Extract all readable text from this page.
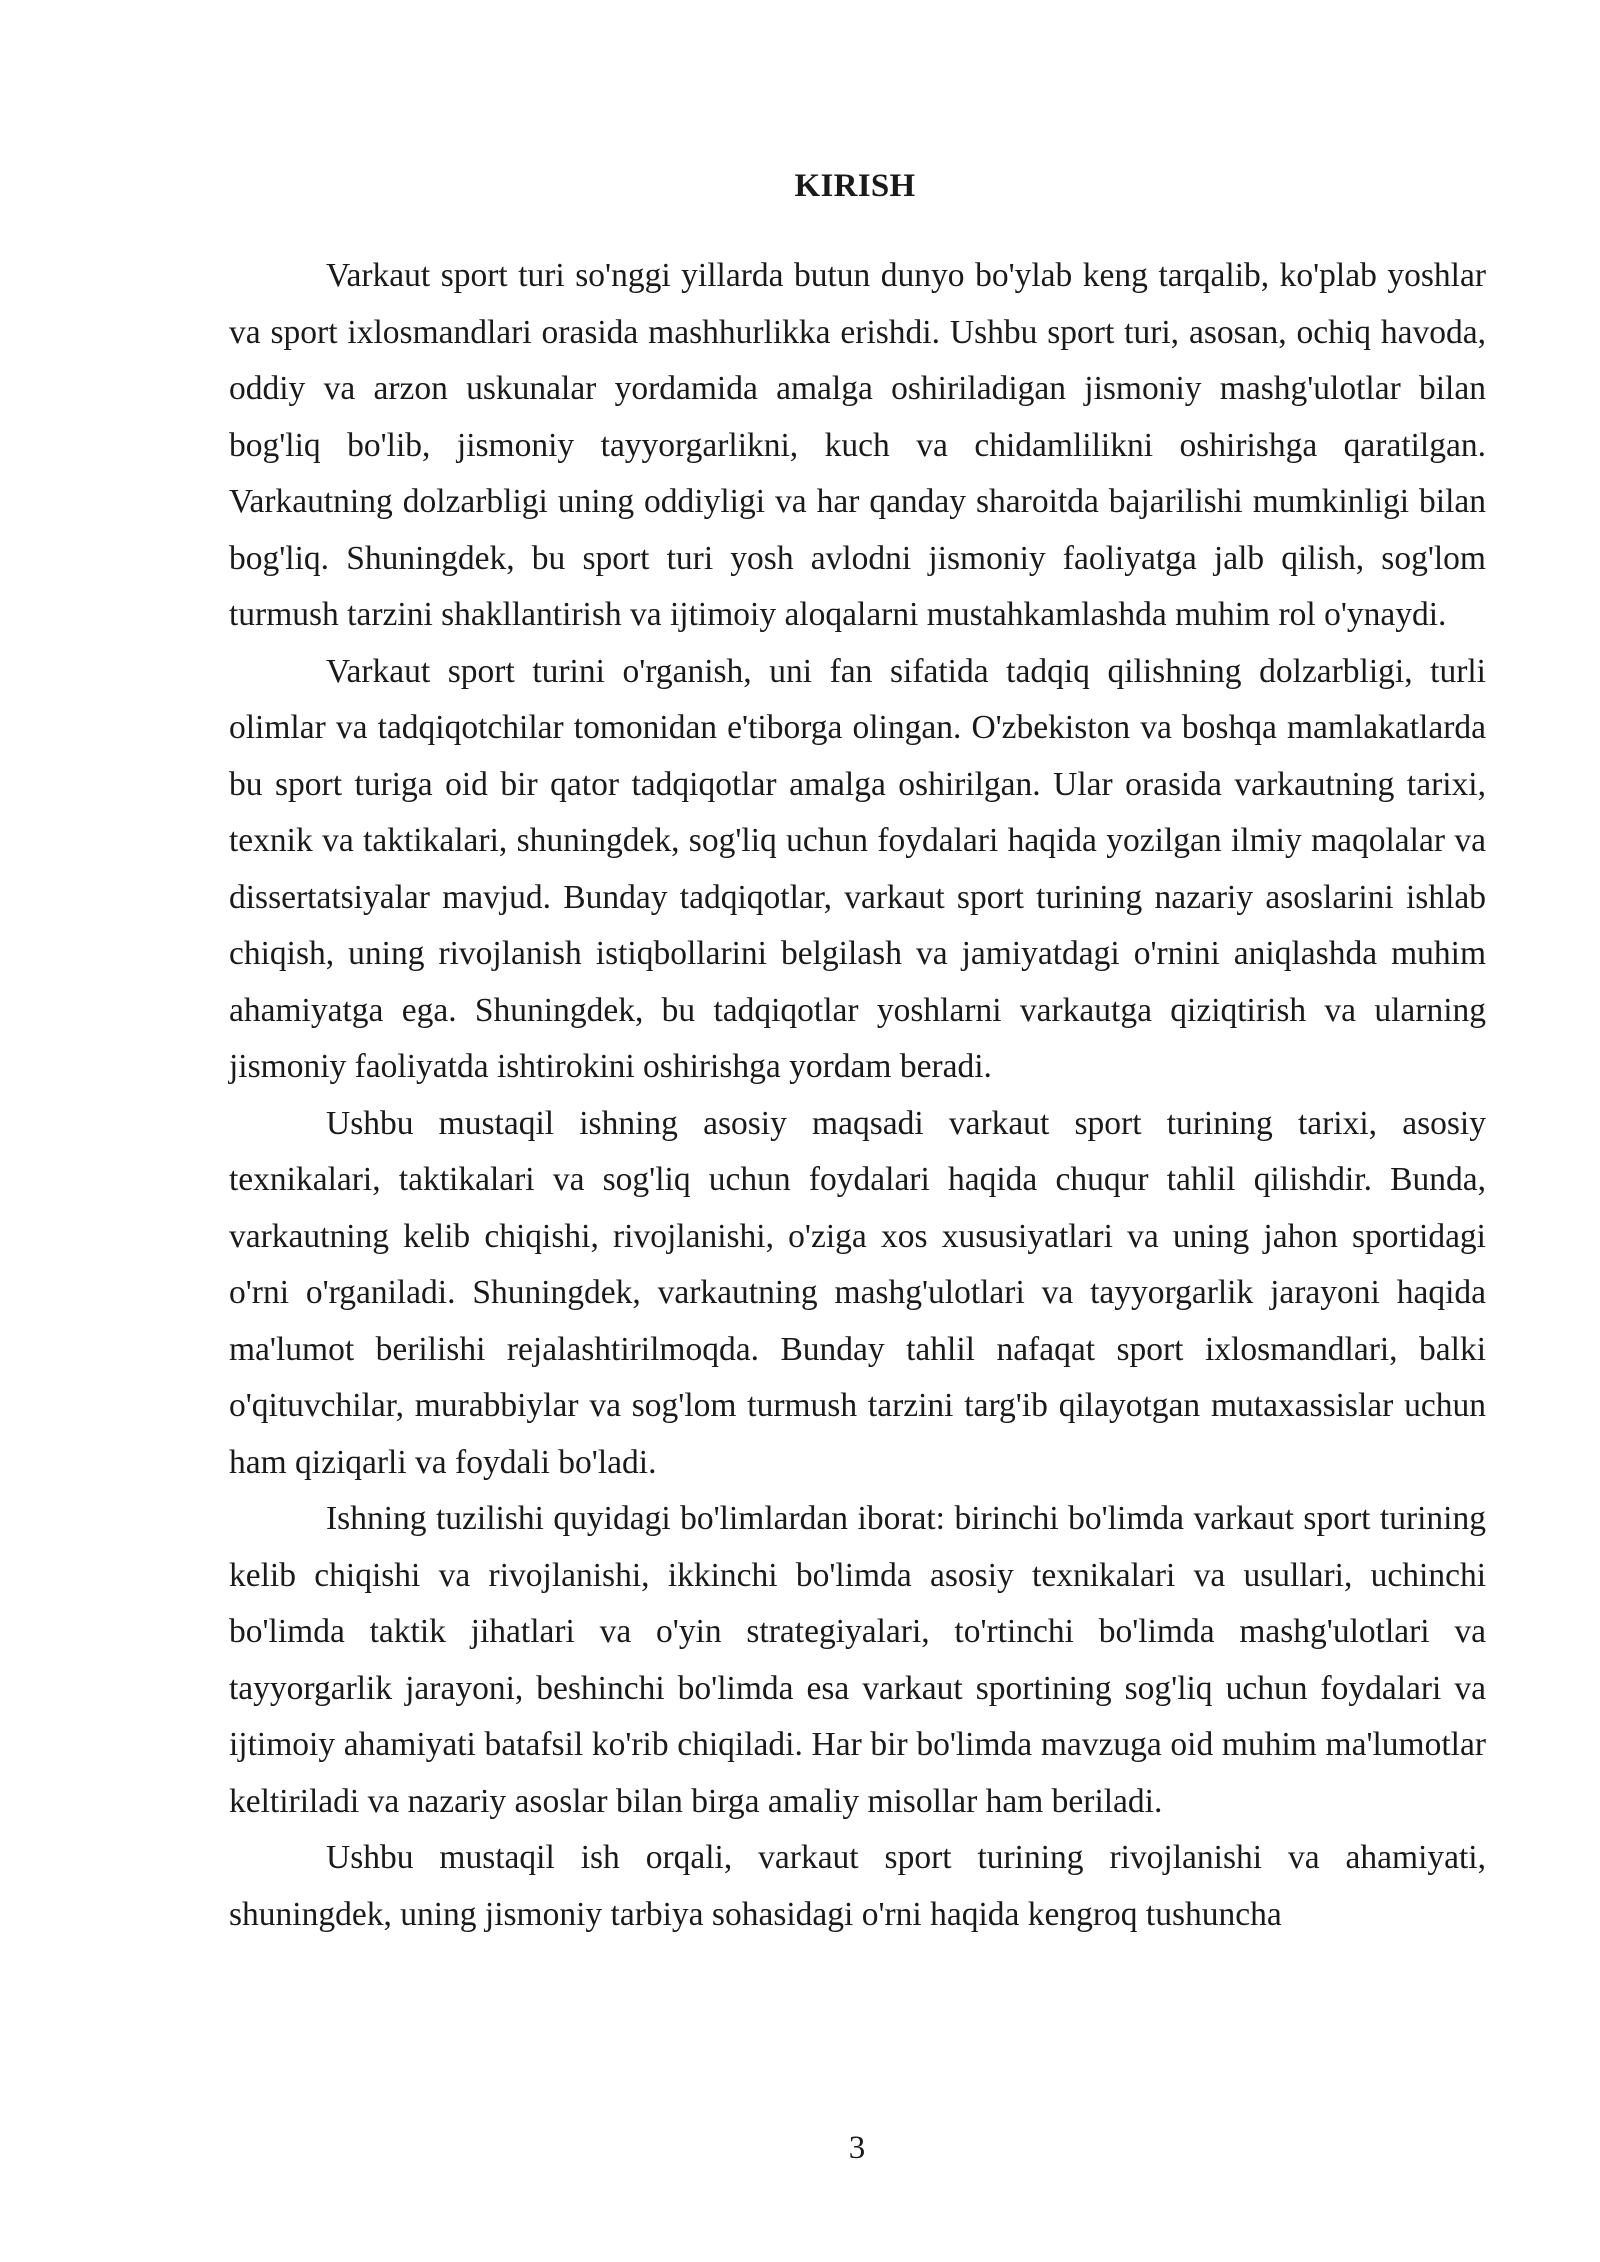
KIRISH

Varkaut sport turi so'nggi yillarda butun dunyo bo'ylab keng tarqalib, ko'plab yoshlar va sport ixlosmandlari orasida mashhurlikka erishdi. Ushbu sport turi, asosan, ochiq havoda, oddiy va arzon uskunalar yordamida amalga oshiriladigan jismoniy mashg'ulotlar bilan bog'liq bo'lib, jismoniy tayyorgarlikni, kuch va chidamlilikni oshirishga qaratilgan. Varkautning dolzarbligi uning oddiyligi va har qanday sharoitda bajarilishi mumkinligi bilan bog'liq. Shuningdek, bu sport turi yosh avlodni jismoniy faoliyatga jalb qilish, sog'lom turmush tarzini shakllantirish va ijtimoiy aloqalarni mustahkamlashda muhim rol o'ynaydi.

Varkaut sport turini o'rganish, uni fan sifatida tadqiq qilishning dolzarbligi, turli olimlar va tadqiqotchilar tomonidan e'tiborga olingan. O'zbekiston va boshqa mamlakatlarda bu sport turiga oid bir qator tadqiqotlar amalga oshirilgan. Ular orasida varkautning tarixi, texnik va taktikalari, shuningdek, sog'liq uchun foydalari haqida yozilgan ilmiy maqolalar va dissertatsiyalar mavjud. Bunday tadqiqotlar, varkaut sport turining nazariy asoslarini ishlab chiqish, uning rivojlanish istiqbollarini belgilash va jamiyatdagi o'rnini aniqlashda muhim ahamiyatga ega. Shuningdek, bu tadqiqotlar yoshlarni varkautga qiziqtirish va ularning jismoniy faoliyatda ishtirokini oshirishga yordam beradi.

Ushbu mustaqil ishning asosiy maqsadi varkaut sport turining tarixi, asosiy texnikalari, taktikalari va sog'liq uchun foydalari haqida chuqur tahlil qilishdir. Bunda, varkautning kelib chiqishi, rivojlanishi, o'ziga xos xususiyatlari va uning jahon sportidagi o'rni o'rganiladi. Shuningdek, varkautning mashg'ulotlari va tayyorgarlik jarayoni haqida ma'lumot berilishi rejalashtirilmoqda. Bunday tahlil nafaqat sport ixlosmandlari, balki o'qituvchilar, murabbiylar va sog'lom turmush tarzini targ'ib qilayotgan mutaxassislar uchun ham qiziqarli va foydali bo'ladi.

Ishning tuzilishi quyidagi bo'limlardan iborat: birinchi bo'limda varkaut sport turining kelib chiqishi va rivojlanishi, ikkinchi bo'limda asosiy texnikalari va usullari, uchinchi bo'limda taktik jihatlari va o'yin strategiyalari, to'rtinchi bo'limda mashg'ulotlari va tayyorgarlik jarayoni, beshinchi bo'limda esa varkaut sportining sog'liq uchun foydalari va ijtimoiy ahamiyati batafsil ko'rib chiqiladi. Har bir bo'limda mavzuga oid muhim ma'lumotlar keltiriladi va nazariy asoslar bilan birga amaliy misollar ham beriladi.

Ushbu mustaqil ish orqali, varkaut sport turining rivojlanishi va ahamiyati, shuningdek, uning jismoniy tarbiya sohasidagi o'rni haqida kengroq tushuncha

3
